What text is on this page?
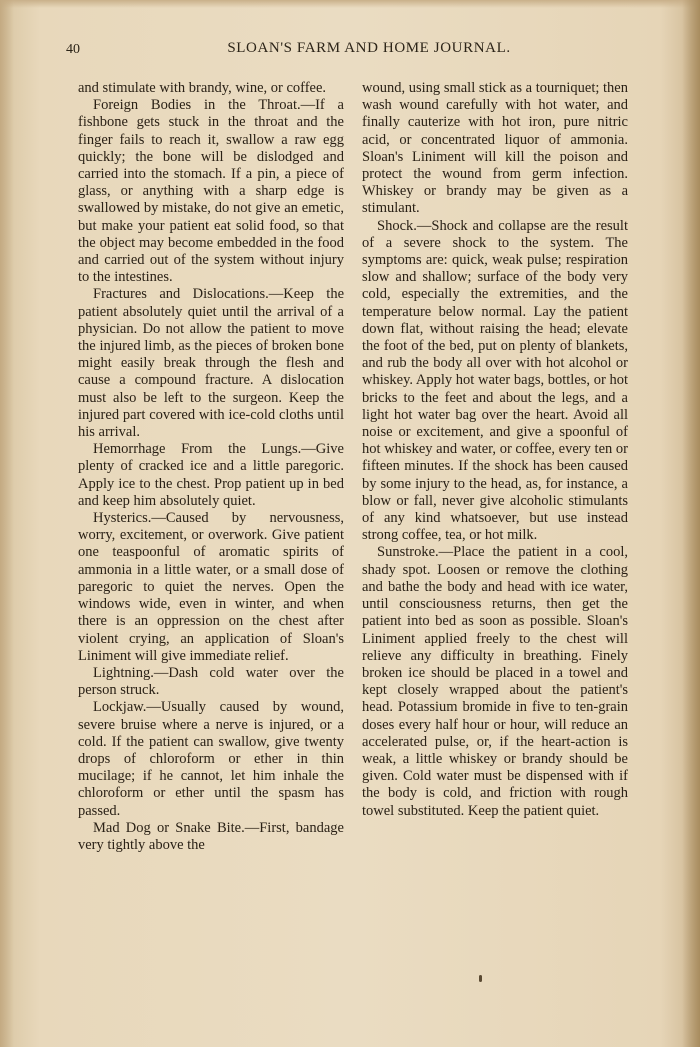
40	SLOAN'S FARM AND HOME JOURNAL.

and stimulate with brandy, wine, or coffee.

Foreign Bodies in the Throat.—If a fishbone gets stuck in the throat and the finger fails to reach it, swallow a raw egg quickly; the bone will be dislodged and carried into the stomach. If a pin, a piece of glass, or anything with a sharp edge is swallowed by mistake, do not give an emetic, but make your patient eat solid food, so that the object may become embedded in the food and carried out of the system without injury to the intestines.

Fractures and Dislocations.—Keep the patient absolutely quiet until the arrival of a physician. Do not allow the patient to move the injured limb, as the pieces of broken bone might easily break through the flesh and cause a compound fracture. A dislocation must also be left to the surgeon. Keep the injured part covered with ice-cold cloths until his arrival.

Hemorrhage From the Lungs.—Give plenty of cracked ice and a little paregoric. Apply ice to the chest. Prop patient up in bed and keep him absolutely quiet.

Hysterics.—Caused by nervousness, worry, excitement, or overwork. Give patient one teaspoonful of aromatic spirits of ammonia in a little water, or a small dose of paregoric to quiet the nerves. Open the windows wide, even in winter, and when there is an oppression on the chest after violent crying, an application of Sloan's Liniment will give immediate relief.

Lightning.—Dash cold water over the person struck.

Lockjaw.—Usually caused by wound, severe bruise where a nerve is injured, or a cold. If the patient can swallow, give twenty drops of chloroform or ether in thin mucilage; if he cannot, let him inhale the chloroform or ether until the spasm has passed.

Mad Dog or Snake Bite.—First, bandage very tightly above the

wound, using small stick as a tourniquet; then wash wound carefully with hot water, and finally cauterize with hot iron, pure nitric acid, or concentrated liquor of ammonia. Sloan's Liniment will kill the poison and protect the wound from germ infection. Whiskey or brandy may be given as a stimulant.

Shock.—Shock and collapse are the result of a severe shock to the system. The symptoms are: quick, weak pulse; respiration slow and shallow; surface of the body very cold, especially the extremities, and the temperature below normal. Lay the patient down flat, without raising the head; elevate the foot of the bed, put on plenty of blankets, and rub the body all over with hot alcohol or whiskey. Apply hot water bags, bottles, or hot bricks to the feet and about the legs, and a light hot water bag over the heart. Avoid all noise or excitement, and give a spoonful of hot whiskey and water, or coffee, every ten or fifteen minutes. If the shock has been caused by some injury to the head, as, for instance, a blow or fall, never give alcoholic stimulants of any kind whatsoever, but use instead strong coffee, tea, or hot milk.

Sunstroke.—Place the patient in a cool, shady spot. Loosen or remove the clothing and bathe the body and head with ice water, until consciousness returns, then get the patient into bed as soon as possible. Sloan's Liniment applied freely to the chest will relieve any difficulty in breathing. Finely broken ice should be placed in a towel and kept closely wrapped about the patient's head. Potassium bromide in five to ten-grain doses every half hour or hour, will reduce an accelerated pulse, or, if the heart-action is weak, a little whiskey or brandy should be given. Cold water must be dispensed with if the body is cold, and friction with rough towel substituted. Keep the patient quiet.
